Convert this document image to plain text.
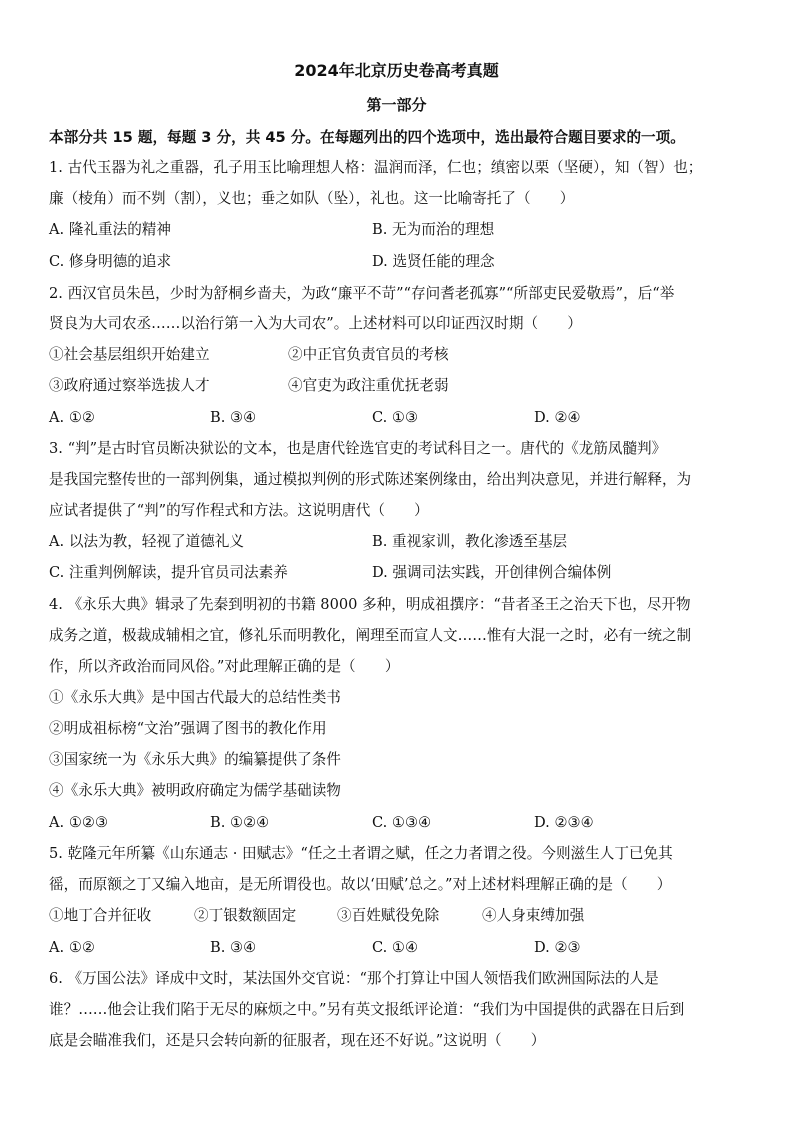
2024年北京历史卷高考真题
第一部分
本部分共 15 题，每题 3 分，共 45 分。在每题列出的四个选项中，选出最符合题目要求的一项。
1. 古代玉器为礼之重器，孔子用玉比喻理想人格：温润而泽，仁也；缜密以栗（坚硬），知（智）也；
廉（棱角）而不刿（割），义也；垂之如队（坠），礼也。这一比喻寄托了（　　）
A. 隆礼重法的精神	B. 无为而治的理想
C. 修身明德的追求	D. 选贤任能的理念
2. 西汉官员朱邑，少时为舒桐乡啬夫，为政“廉平不苛”“存问耆老孤寡”“所部吏民爱敬焉”，后“举
贤良为大司农丞……以治行第一入为大司农”。上述材料可以印证西汉时期（　　）
①社会基层组织开始建立	②中正官负责官员的考核
③政府通过察举选拔人才	④官吏为政注重优抚老弱
A. ①②	B. ③④	C. ①③	D. ②④
3. “判”是古时官员断决狱讼的文本，也是唐代铨选官吏的考试科目之一。唐代的《龙筋凤髓判》
是我国完整传世的一部判例集，通过模拟判例的形式陈述案例缘由，给出判决意见，并进行解释，为
应试者提供了“判”的写作程式和方法。这说明唐代（　　）
A. 以法为教，轻视了道德礼义	B. 重视家训，教化渗透至基层
C. 注重判例解读，提升官员司法素养	D. 强调司法实践，开创律例合编体例
4. 《永乐大典》辑录了先秦到明初的书籍 8000 多种，明成祖撰序：“昔者圣王之治天下也，尽开物
成务之道，极裁成辅相之宜，修礼乐而明教化，阐理至而宣人文……惟有大混一之时，必有一统之制
作，所以齐政治而同风俗。”对此理解正确的是（　　）
①《永乐大典》是中国古代最大的总结性类书
②明成祖标榜“文治”强调了图书的教化作用
③国家统一为《永乐大典》的编纂提供了条件
④《永乐大典》被明政府确定为儒学基础读物
A. ①②③	B. ①②④	C. ①③④	D. ②③④
5. 乾隆元年所纂《山东通志 · 田赋志》“任之土者谓之赋，任之力者谓之役。今则滋生人丁已免其
徭，而原额之丁又编入地亩，是无所谓役也。故以‘田赋’总之。”对上述材料理解正确的是（　　）
①地丁合并征收	②丁银数额固定	③百姓赋役免除	④人身束缚加强
A. ①②	B. ③④	C. ①④	D. ②③
6. 《万国公法》译成中文时，某法国外交官说：“那个打算让中国人领悟我们欧洲国际法的人是
谁？……他会让我们陷于无尽的麻烦之中。”另有英文报纸评论道：“我们为中国提供的武器在日后到
底是会瞄准我们，还是只会转向新的征服者，现在还不好说。”这说明（　　）
